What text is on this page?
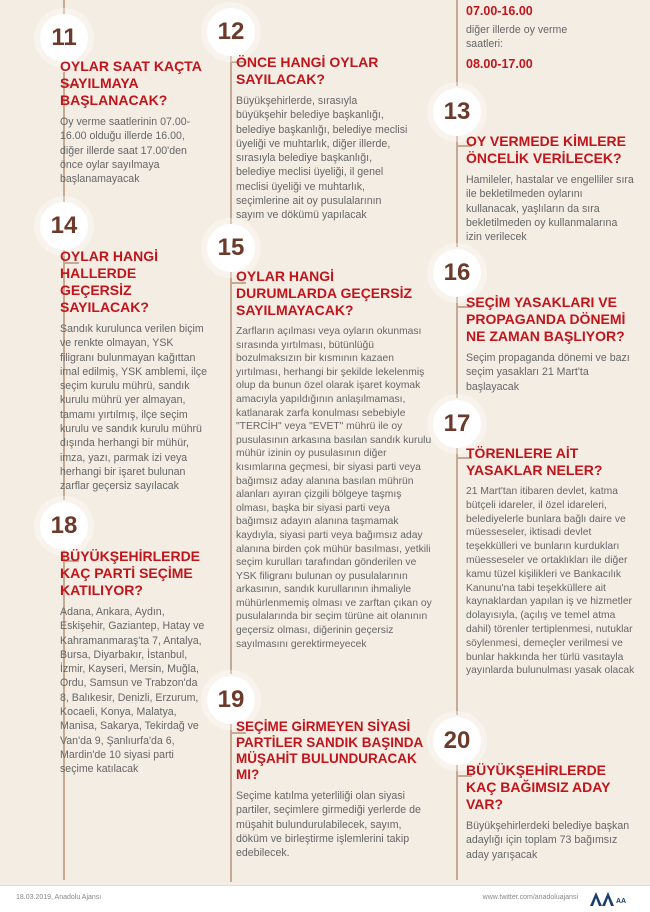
11	12
13
14
15
16
17
18
19
20
07.00-16.00

diğer illerde oy verme saatleri:

08.00-17.00
OYLAR SAAT KAÇTA SAYILMAYA BAŞLANACAK?

Oy verme saatlerinin 07.00-16.00 olduğu illerde 16.00, diğer illerde saat 17.00'den önce oylar sayılmaya başlanamayacak

ÖNCE HANGİ OYLAR SAYILACAK?

Büyükşehirlerde, sırasıyla büyükşehir belediye başkanlığı, belediye başkanlığı, belediye meclisi üyeliği ve muhtarlık, diğer illerde, sırasıyla belediye başkanlığı, belediye meclisi üyeliği, il genel meclisi üyeliği ve muhtarlık, seçimlerine ait oy pusulalarının sayım ve dökümü yapılacak

OY VERMEDE KİMLERE ÖNCELİK VERİLECEK?

Hamileler, hastalar ve engelliler sıra ile bekletilmeden oylarını kullanacak, yaşlıların da sıra bekletilmeden oy kullanmalarına izin verilecek

OYLAR HANGİ HALLERDE GEÇERSİZ SAYILACAK?

Sandık kurulunca verilen biçim ve renkte olmayan, YSK filigranı bulunmayan kağıttan imal edilmiş, YSK amblemi, ilçe seçim kurulu mührü, sandık kurulu mührü yer almayan, tamamı yırtılmış, ilçe seçim kurulu ve sandık kurulu mührü dışında herhangi bir mühür, imza, yazı, parmak izi veya herhangi bir işaret bulunan zarflar geçersiz sayılacak

OYLAR HANGİ DURUMLARDA GEÇERSİZ SAYILMAYACAK?

Zarfların açılması veya oyların okunması sırasında yırtılması, bütünlüğü bozulmaksızın bir kısmının kazaen yırtılması, herhangi bir şekilde lekelenmiş olup da bunun özel olarak işaret koymak amacıyla yapıldığının anlaşılmaması, katlanarak zarfa konulması sebebiyle "TERCİH" veya "EVET" mührü ile oy pusulasının arkasına basılan sandık kurulu mühür izinin oy pusulasının diğer kısımlarına geçmesi, bir siyasi parti veya bağımsız aday alanına basılan mührün alanları ayıran çizgili bölgeye taşmış olması, başka bir siyasi parti veya bağımsız adayın alanına taşmamak kaydıyla, siyasi parti veya bağımsız aday alanına birden çok mühür basılması, yetkili seçim kurulları tarafından gönderilen ve YSK filigranı bulunan oy pusulalarının arkasının, sandık kurullarının ihmaliyle mühürlenmemiş olması ve zarftan çıkan oy pusulalarında bir seçim türüne ait olanının geçersiz olması, diğerinin geçersiz sayılmasını gerektirmeyecek

SEÇİM YASAKLARI VE PROPAGANDA DÖNEMİ NE ZAMAN BAŞLIYOR?

Seçim propaganda dönemi ve bazı seçim yasakları 21 Mart'ta başlayacak

TÖRENLERE AİT YASAKLAR NELER?

21 Mart'tan itibaren devlet, katma bütçeli idareler, il özel idareleri, belediyelerle bunlara bağlı daire ve müesseseler, iktisadi devlet teşekkülleri ve bunların kurdukları müesseseler ve ortaklıkları ile diğer kamu tüzel kişilikleri ve Bankacılık Kanunu'na tabi teşekküllere ait kaynaklardan yapılan iş ve hizmetler dolayısıyla, (açılış ve temel atma dahil) törenler tertiplenmesi, nutuklar söylenmesi, demeçler verilmesi ve bunlar hakkında her türlü vasıtayla yayınlarda bulunulması yasak olacak

BÜYÜKŞEHİRLERDE KAÇ PARTİ SEÇİME KATILIYOR?

Adana, Ankara, Aydın, Eskişehir, Gaziantep, Hatay ve Kahramanmaraş'ta 7, Antalya, Bursa, Diyarbakır, İstanbul, İzmir, Kayseri, Mersin, Muğla, Ordu, Samsun ve Trabzon'da 8, Balıkesir, Denizli, Erzurum, Kocaeli, Konya, Malatya, Manisa, Sakarya, Tekirdağ ve Van'da 9, Şanlıurfa'da 6, Mardin'de 10 siyasi parti seçime katılacak

SEÇİME GİRMEYEN SİYASİ PARTİLER SANDIK BAŞINDA MÜŞAHİT BULUNDURACAK MI?

Seçime katılma yeterliliği olan siyasi partiler, seçimlere girmediği yerlerde de müşahit bulundurulabilecek, sayım, döküm ve birleştirme işlemlerini takip edebilecek.

BÜYÜKŞEHİRLERDE KAÇ BAĞIMSIZ ADAY VAR?

Büyükşehirlerdeki belediye başkan adaylığı için toplam 73 bağımsız aday yarışacak

18.03.2019, Anadolu Ajansı	www.twitter.com/anadoluajansi
AA
